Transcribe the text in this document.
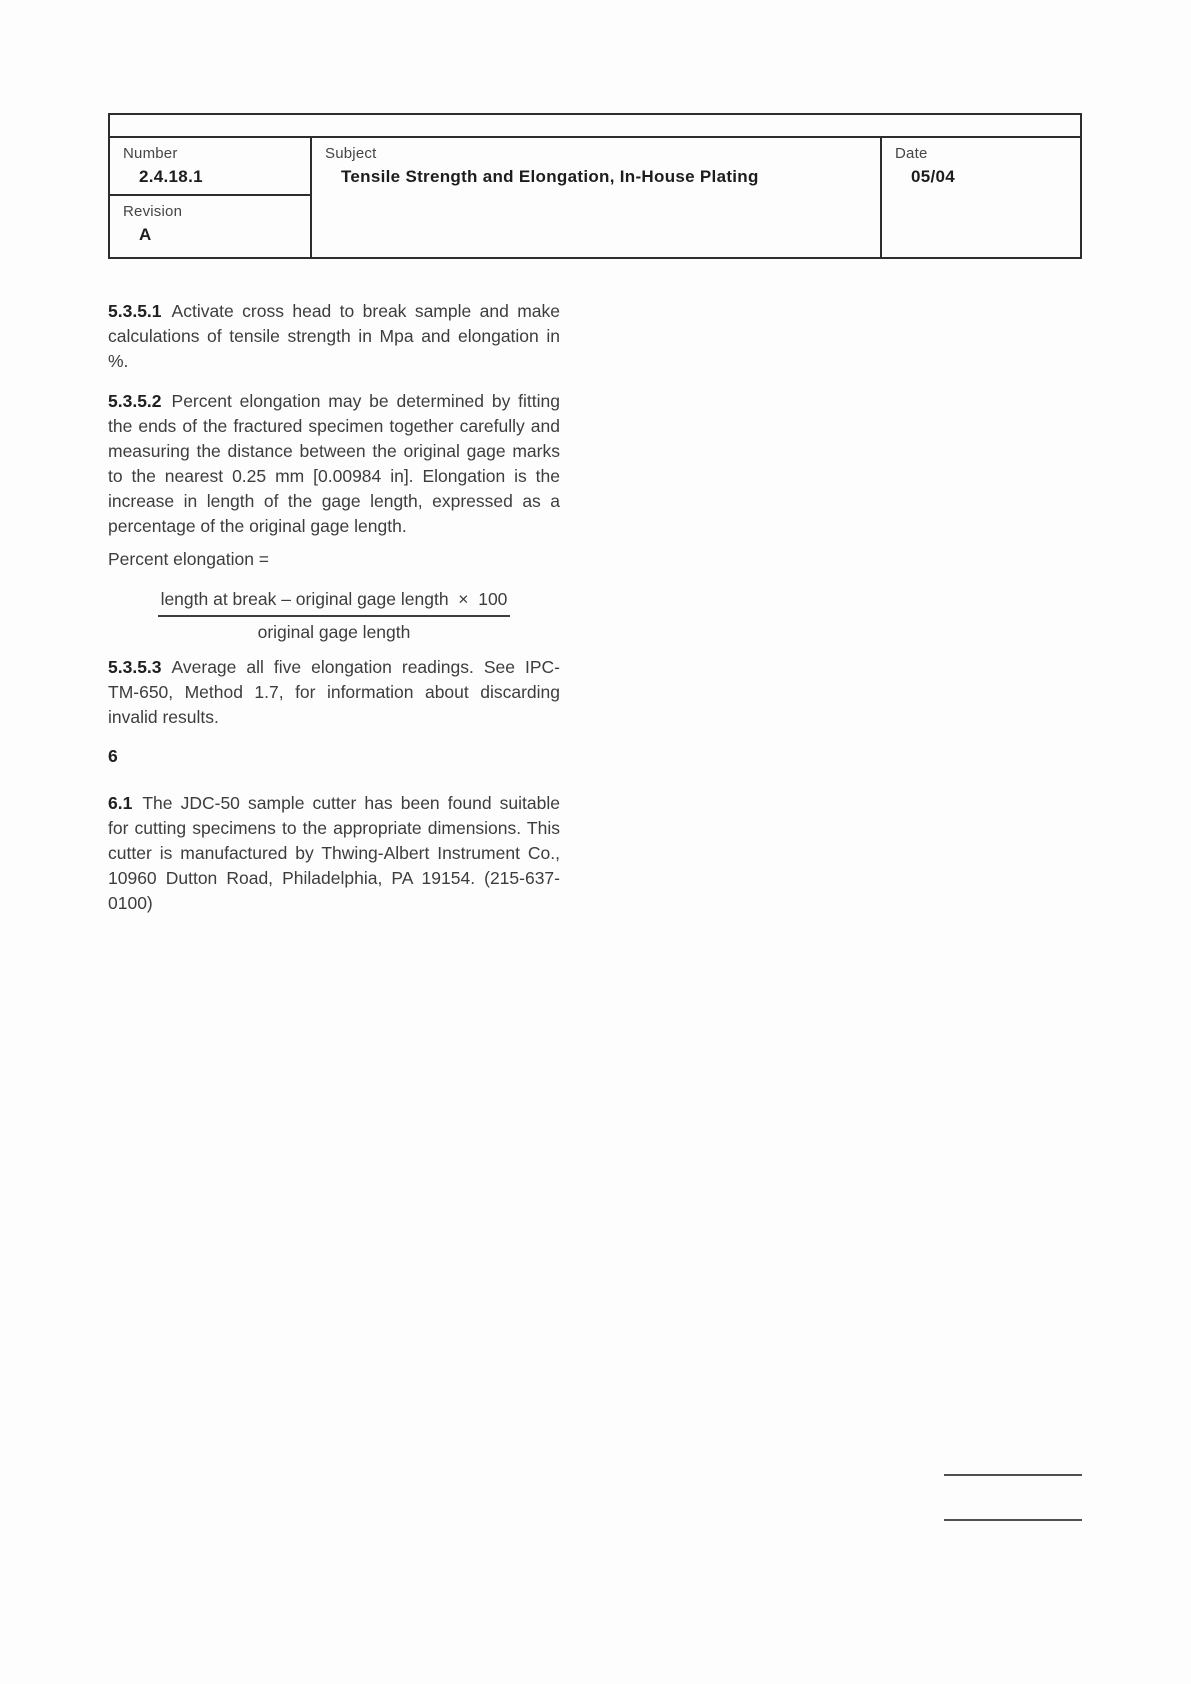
Number
2.4.18.1
Revision
A
Subject
Tensile Strength and Elongation, In-House Plating
Date
05/04

5.3.5.1 Activate cross head to break sample and make calculations of tensile strength in Mpa and elongation in %.

5.3.5.2 Percent elongation may be determined by fitting the ends of the fractured specimen together carefully and measuring the distance between the original gage marks to the nearest 0.25 mm [0.00984 in]. Elongation is the increase in length of the gage length, expressed as a percentage of the original gage length.

Percent elongation =

$\frac{\text{length at break – original gage length  ×  100}}{\text{original gage length}}$

5.3.5.3 Average all five elongation readings. See IPC-TM-650, Method 1.7, for information about discarding invalid results.

6

6.1 The JDC-50 sample cutter has been found suitable for cutting specimens to the appropriate dimensions. This cutter is manufactured by Thwing-Albert Instrument Co., 10960 Dutton Road, Philadelphia, PA 19154. (215-637-0100)
